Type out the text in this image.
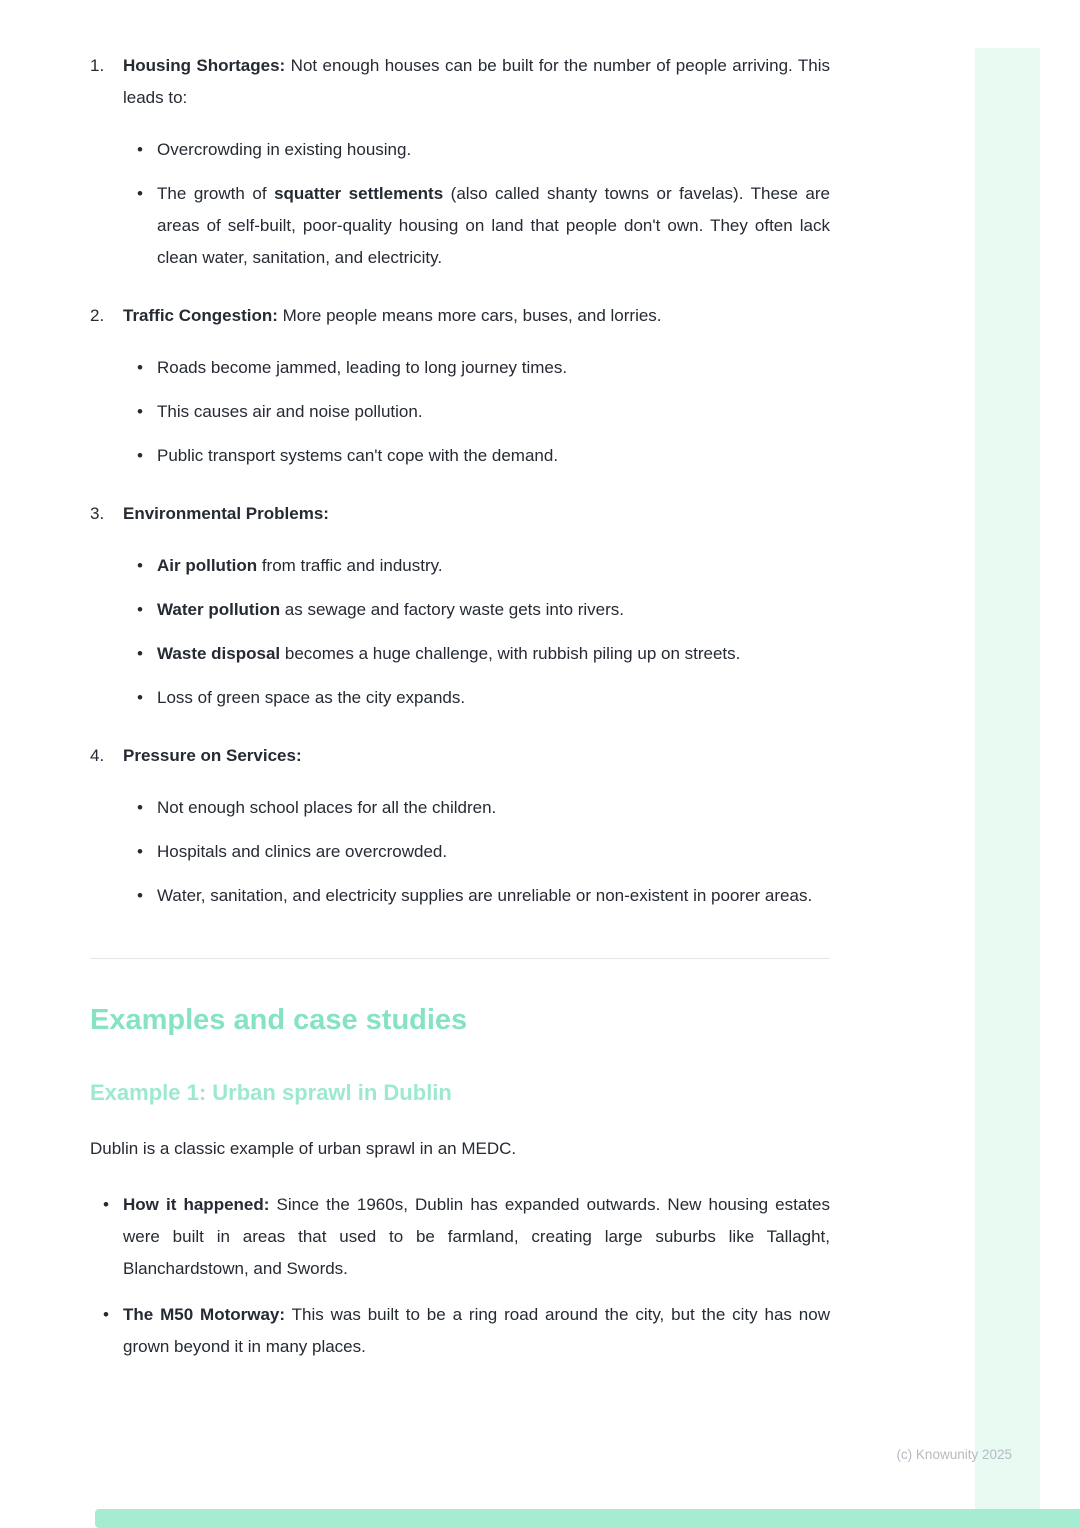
1. Housing Shortages: Not enough houses can be built for the number of people arriving. This leads to:
• Overcrowding in existing housing.
• The growth of squatter settlements (also called shanty towns or favelas). These are areas of self-built, poor-quality housing on land that people don't own. They often lack clean water, sanitation, and electricity.
2. Traffic Congestion: More people means more cars, buses, and lorries.
• Roads become jammed, leading to long journey times.
• This causes air and noise pollution.
• Public transport systems can't cope with the demand.
3. Environmental Problems:
• Air pollution from traffic and industry.
• Water pollution as sewage and factory waste gets into rivers.
• Waste disposal becomes a huge challenge, with rubbish piling up on streets.
• Loss of green space as the city expands.
4. Pressure on Services:
• Not enough school places for all the children.
• Hospitals and clinics are overcrowded.
• Water, sanitation, and electricity supplies are unreliable or non-existent in poorer areas.
Examples and case studies
Example 1: Urban sprawl in Dublin

Dublin is a classic example of urban sprawl in an MEDC.

• How it happened: Since the 1960s, Dublin has expanded outwards. New housing estates were built in areas that used to be farmland, creating large suburbs like Tallaght, Blanchardstown, and Swords.
• The M50 Motorway: This was built to be a ring road around the city, but the city has now grown beyond it in many places.
(c) Knowunity 2025
